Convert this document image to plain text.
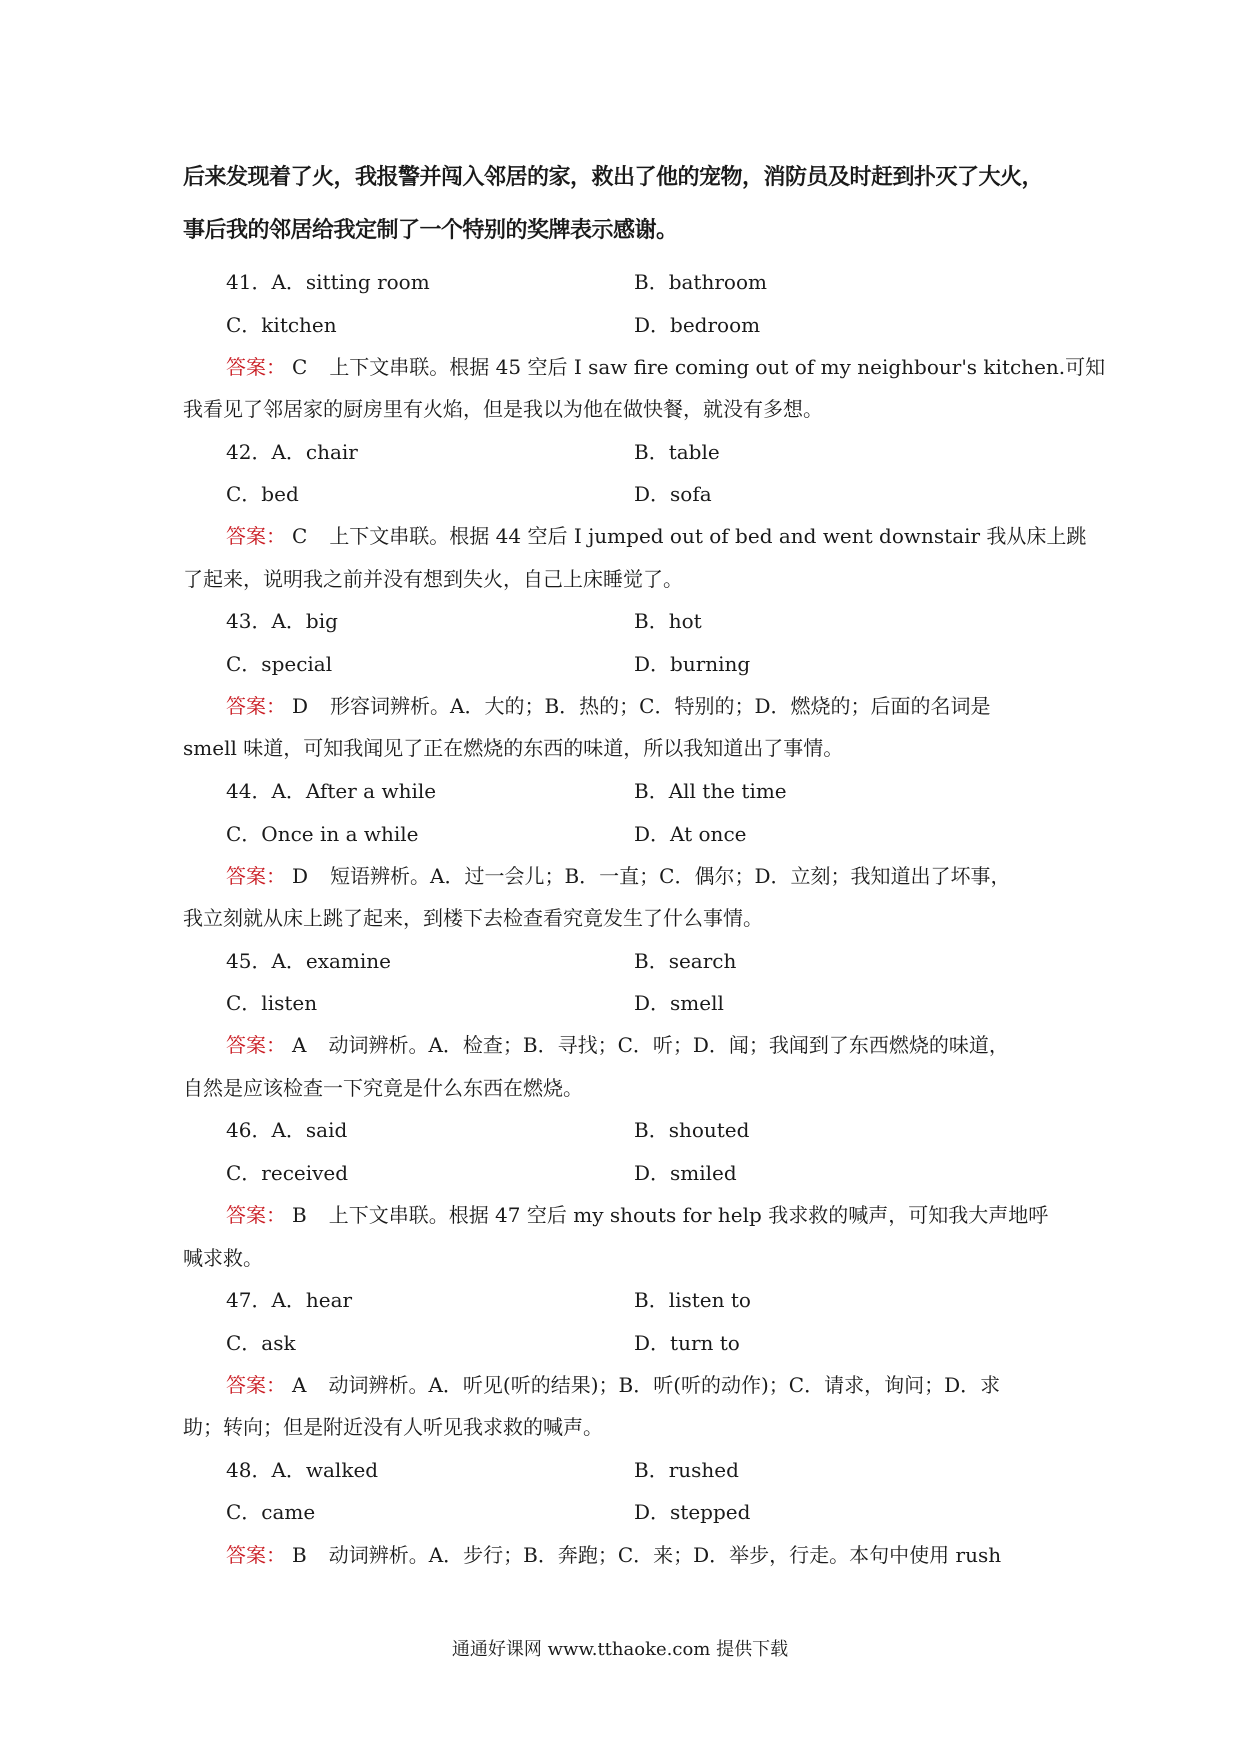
后来发现着了火，我报警并闯入邻居的家，救出了他的宠物，消防员及时赶到扑灭了大火，
事后我的邻居给我定制了一个特别的奖牌表示感谢。
41．A．sitting room	B．bathroom
C．kitchen	D．bedroom
答案： C 上下文串联。根据 45 空后 I saw fire coming out of my neighbour's kitchen.可知
我看见了邻居家的厨房里有火焰，但是我以为他在做快餐，就没有多想。
42．A．chair	B．table
C．bed	D．sofa
答案： C 上下文串联。根据 44 空后 I jumped out of bed and went downstair 我从床上跳
了起来，说明我之前并没有想到失火，自己上床睡觉了。
43．A．big	B．hot
C．special	D．burning
答案： D 形容词辨析。A．大的；B．热的；C．特别的；D．燃烧的；后面的名词是
smell 味道，可知我闻见了正在燃烧的东西的味道，所以我知道出了事情。
44．A．After a while	B．All the time
C．Once in a while	D．At once
答案： D 短语辨析。A．过一会儿；B．一直；C．偶尔；D．立刻；我知道出了坏事，
我立刻就从床上跳了起来，到楼下去检查看究竟发生了什么事情。
45．A．examine	B．search
C．listen	D．smell
答案： A 动词辨析。A．检查；B．寻找；C．听；D．闻；我闻到了东西燃烧的味道，
自然是应该检查一下究竟是什么东西在燃烧。
46．A．said	B．shouted
C．received	D．smiled
答案： B 上下文串联。根据 47 空后 my shouts for help 我求救的喊声，可知我大声地呼
喊求救。
47．A．hear	B．listen to
C．ask	D．turn to
答案： A 动词辨析。A．听见(听的结果)；B．听(听的动作)；C．请求，询问；D．求
助；转向；但是附近没有人听见我求救的喊声。
48．A．walked	B．rushed
C．came	D．stepped
答案： B 动词辨析。A．步行；B．奔跑；C．来；D．举步，行走。本句中使用 rush
通通好课网 www.tthaoke.com 提供下载
